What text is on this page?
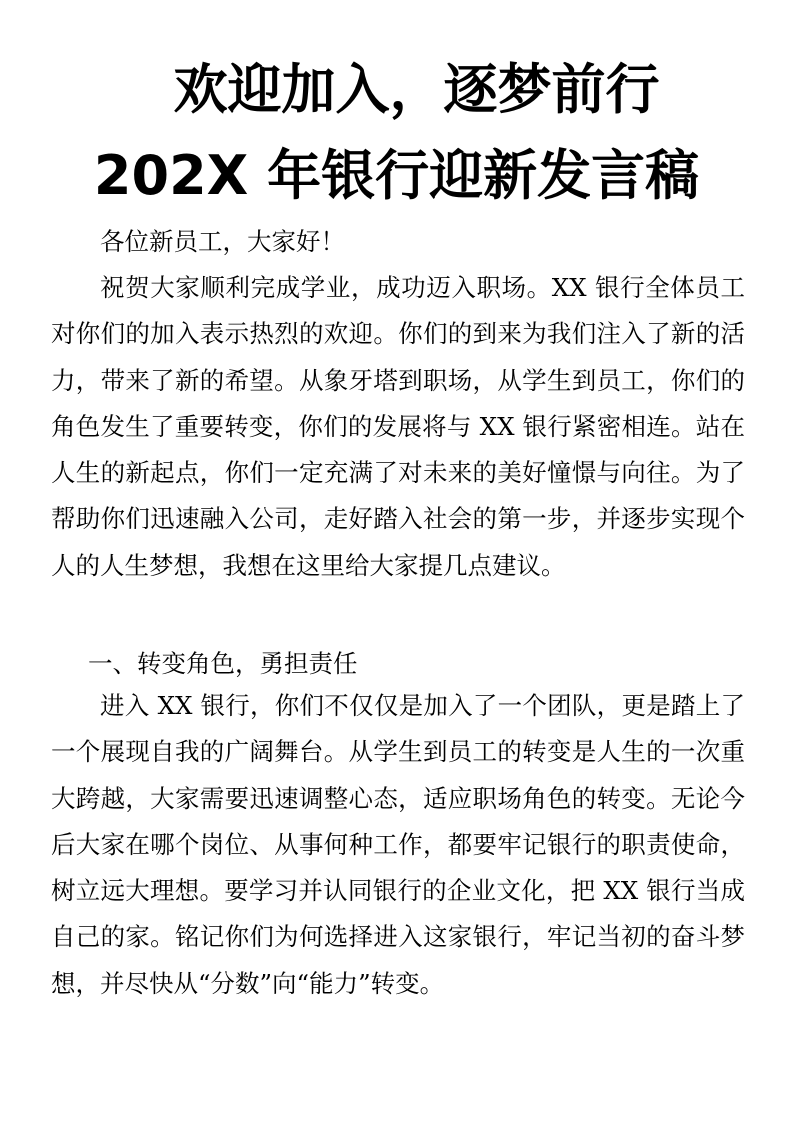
欢迎加入，逐梦前行
202X 年银行迎新发言稿

各位新员工，大家好！

祝贺大家顺利完成学业，成功迈入职场。XX 银行全体员工对你们的加入表示热烈的欢迎。你们的到来为我们注入了新的活力，带来了新的希望。从象牙塔到职场，从学生到员工，你们的角色发生了重要转变，你们的发展将与 XX 银行紧密相连。站在人生的新起点，你们一定充满了对未来的美好憧憬与向往。为了帮助你们迅速融入公司，走好踏入社会的第一步，并逐步实现个人的人生梦想，我想在这里给大家提几点建议。

一、转变角色，勇担责任

进入 XX 银行，你们不仅仅是加入了一个团队，更是踏上了一个展现自我的广阔舞台。从学生到员工的转变是人生的一次重大跨越，大家需要迅速调整心态，适应职场角色的转变。无论今后大家在哪个岗位、从事何种工作，都要牢记银行的职责使命，树立远大理想。要学习并认同银行的企业文化，把 XX 银行当成自己的家。铭记你们为何选择进入这家银行，牢记当初的奋斗梦想，并尽快从“分数”向“能力”转变。
